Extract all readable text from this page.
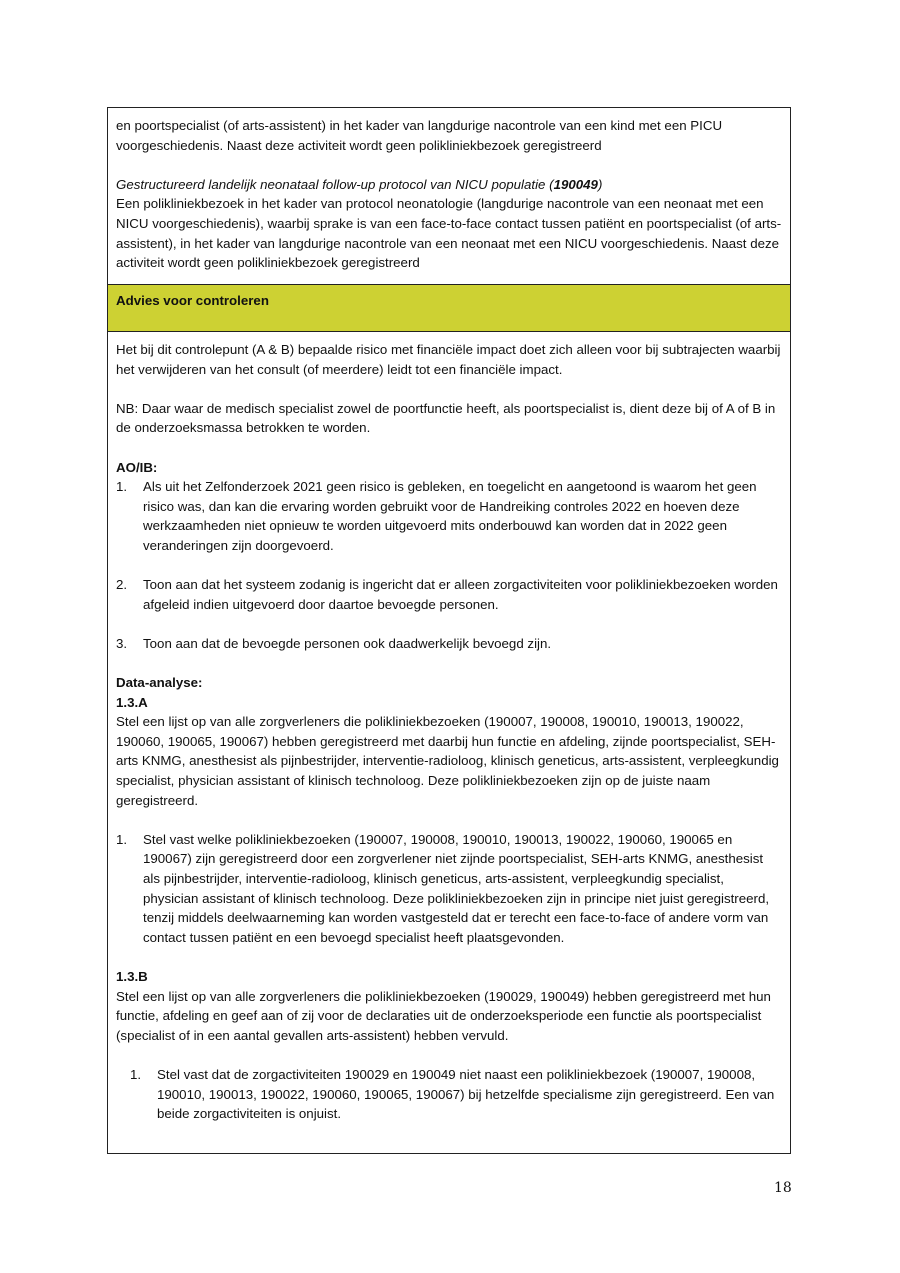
en poortspecialist (of arts-assistent) in het kader van langdurige nacontrole van een kind met een PICU voorgeschiedenis. Naast deze activiteit wordt geen polikliniekbezoek geregistreerd

Gestructureerd landelijk neonataal follow-up protocol van NICU populatie (190049)

Een polikliniekbezoek in het kader van protocol neonatologie (langdurige nacontrole van een neonaat met een NICU voorgeschiedenis), waarbij sprake is van een face-to-face contact tussen patiënt en poortspecialist (of arts-assistent), in het kader van langdurige nacontrole van een neonaat met een NICU voorgeschiedenis. Naast deze activiteit wordt geen polikliniekbezoek geregistreerd

Advies voor controleren

Het bij dit controlepunt (A & B) bepaalde risico met financiële impact doet zich alleen voor bij subtrajecten waarbij het verwijderen van het consult (of meerdere) leidt tot een financiële impact.

NB: Daar waar de medisch specialist zowel de poortfunctie heeft, als poortspecialist is, dient deze bij of A of B in de onderzoeksmassa betrokken te worden.

AO/IB:

1.	Als uit het Zelfonderzoek 2021 geen risico is gebleken, en toegelicht en aangetoond is waarom het geen risico was, dan kan die ervaring worden gebruikt voor de Handreiking controles 2022 en hoeven deze werkzaamheden niet opnieuw te worden uitgevoerd mits onderbouwd kan worden dat in 2022 geen veranderingen zijn doorgevoerd.
2.	Toon aan dat het systeem zodanig is ingericht dat er alleen zorgactiviteiten voor polikliniekbezoeken worden afgeleid indien uitgevoerd door daartoe bevoegde personen.
3.	Toon aan dat de bevoegde personen ook daadwerkelijk bevoegd zijn.

Data-analyse:

1.3.A

Stel een lijst op van alle zorgverleners die polikliniekbezoeken (190007, 190008, 190010, 190013, 190022, 190060, 190065, 190067) hebben geregistreerd met daarbij hun functie en afdeling, zijnde poortspecialist, SEH-arts KNMG, anesthesist als pijnbestrijder, interventie-radioloog, klinisch geneticus, arts-assistent, verpleegkundig specialist, physician assistant of klinisch technoloog. Deze polikliniekbezoeken zijn op de juiste naam geregistreerd.

1.	Stel vast welke polikliniekbezoeken (190007, 190008, 190010, 190013, 190022, 190060, 190065 en 190067) zijn geregistreerd door een zorgverlener niet zijnde poortspecialist, SEH-arts KNMG, anesthesist als pijnbestrijder, interventie-radioloog, klinisch geneticus, arts-assistent, verpleegkundig specialist, physician assistant of klinisch technoloog. Deze polikliniekbezoeken zijn in principe niet juist geregistreerd, tenzij middels deelwaarneming kan worden vastgesteld dat er terecht een face-to-face of andere vorm van contact tussen patiënt en een bevoegd specialist heeft plaatsgevonden.

1.3.B

Stel een lijst op van alle zorgverleners die polikliniekbezoeken (190029, 190049) hebben geregistreerd met hun functie, afdeling en geef aan of zij voor de declaraties uit de onderzoeksperiode een functie als poortspecialist (specialist of in een aantal gevallen arts-assistent) hebben vervuld.

1.	Stel vast dat de zorgactiviteiten 190029 en 190049 niet naast een polikliniekbezoek (190007, 190008, 190010, 190013, 190022, 190060, 190065, 190067) bij hetzelfde specialisme zijn geregistreerd. Een van beide zorgactiviteiten is onjuist.
18
